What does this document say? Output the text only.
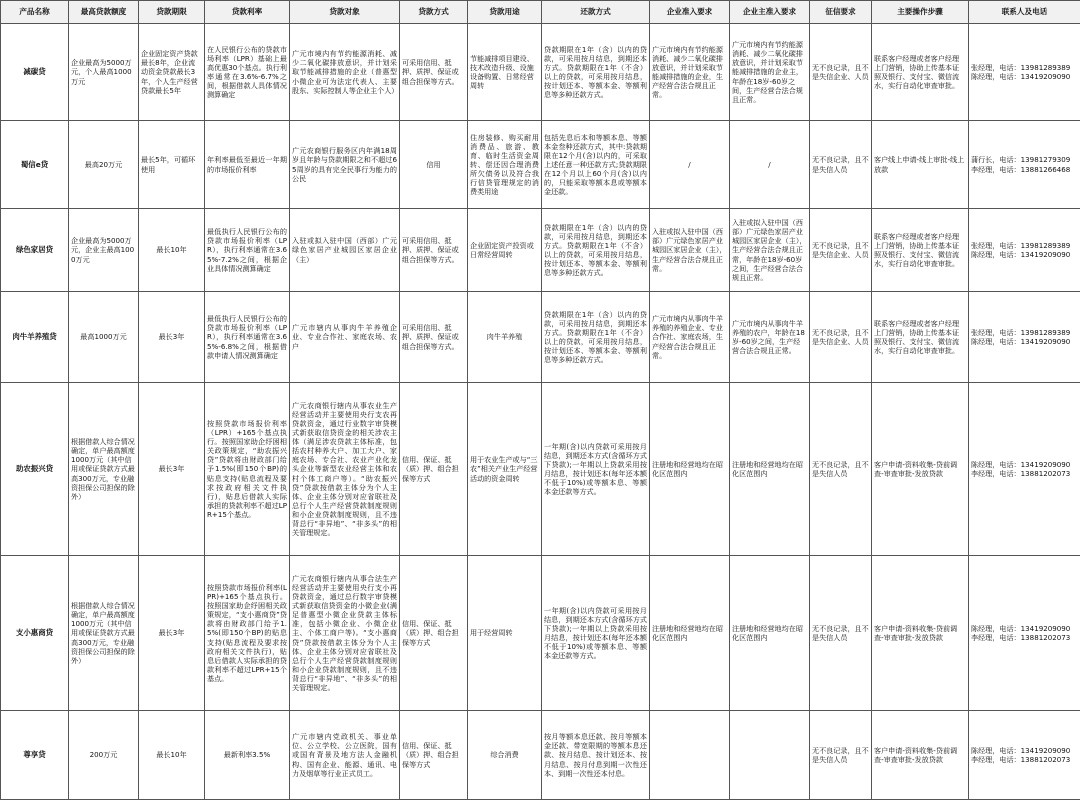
产品名称	最高贷款额度	贷款期限	贷款利率	贷款对象	贷款方式	贷款用途	还款方式	企业准入要求	企业主准入要求	征信要求	主要操作步骤	联系人及电话
减碳贷	企业最高为5000万元，个人最高1000万元	企业固定资产贷款最长8年，企业流动资金贷款最长3年，个人生产经营贷款最长5年	在人民银行公布的贷款市场利率（LPR）基础上最高优惠30个基点。执行利率通常在3.6%-6.7%之间，根据借款人具体情况测算确定	广元市境内有节约能源消耗、减少二氧化碳排放意识，并计划采取节能减排措施的企业（普惠型小微企业可为法定代表人、主要股东、实际控制人等企业主个人）	可采用信用、抵押、质押、保证或组合担保等方式。	节能减排项目建设、技术改造升级、设施设备购置、日常经营周转	贷款期限在1年（含）以内的贷款，可采用按月结息，到期还本方式。贷款期限在1年（不含）以上的贷款，可采用按月结息，按计划还本、等额本金、等额利息等多种还款方式。	广元市境内有节约能源消耗、减少二氧化碳排放意识，并计划采取节能减排措施的企业，生产经营合法合规且正常。	广元市境内有节约能源消耗、减少二氧化碳排放意识，并计划采取节能减排措施的企业主，年龄在18岁-60岁之间，生产经营合法合规且正常。	无不良记录，且不是失信企业、人员	联系客户经理或者客户经理上门营销，协助上传基本证照及银行、支付宝、微信流水，实行自动化审查审批。	张经理，电话：13981289389 陈经理，电话：13419209090
蜀信e贷	最高20万元	最长5年，可循环使用	年利率最低至最近一年期的市场报价利率	广元农商银行服务区内年满18周岁且年龄与贷款期限之和不超过65周岁的具有完全民事行为能力的公民	信用	住房装修、购买耐用消费品、旅游、教育、临时生活资金周转、偿还因合理消费所欠债务以及符合我行信贷管理规定的消费类用途	包括先息后本和等额本息、等额本金叁种还款方式，其中:贷款期限在12个月(含)以内的，可采取上述任意一种还款方式;贷款期限在12个月以上60个月(含)以内的，只能采取等额本息或等额本金还款。	/	/	无不良记录，且不是失信人员	客户线上申请-线上审批-线上放款	蒲行长，电话：13981279309 李经理，电话：13881266468
绿色家居贷	企业最高为5000万元，企业主最高1000万元	最长10年	最低执行人民银行公布的贷款市场报价利率（LPR），执行利率通常在3.65%-7.2%之间，根据企业具体情况测算确定	入驻或拟入驻中国（西部）广元绿色家居产业城园区家居企业（主）	可采用信用、抵押、质押、保证或组合担保等方式。	企业固定资产投资或日常经营周转	贷款期限在1年（含）以内的贷款，可采用按月结息，到期还本方式。贷款期限在1年（不含）以上的贷款，可采用按月结息，按计划还本、等额本金、等额利息等多种还款方式。	入驻或拟入驻中国（西部）广元绿色家居产业城园区家居企业（主），生产经营合法合规且正常。	入驻或拟入驻中国（西部）广元绿色家居产业城园区家居企业（主），生产经营合法合规且正常，年龄在18岁-60岁之间，生产经营合法合规且正常。	无不良记录，且不是失信企业、人员	联系客户经理或者客户经理上门营销，协助上传基本证照及银行、支付宝、微信流水，实行自动化审查审批。	张经理，电话：13981289389 陈经理，电话：13419209090
肉牛羊养殖贷	最高1000万元	最长3年	最低执行人民银行公布的贷款市场报价利率（LPR），执行利率通常在3.65%-6.8%之间，根据借款申请人情况测算确定	广元市辖内从事肉牛羊养殖企业、专业合作社、家庭农场、农户	可采用信用、抵押、质押、保证或组合担保等方式。	肉牛羊养殖	贷款期限在1年（含）以内的贷款，可采用按月结息，到期还本方式。贷款期限在1年（不含）以上的贷款，可采用按月结息，按计划还本、等额本金、等额利息等多种还款方式。	广元市境内从事肉牛羊养殖的养殖企业、专业合作社、家庭农场，生产经营合法合规且正常。	广元市境内从事肉牛羊养殖的农户，年龄在18岁-60岁之间，生产经营合法合规且正常。	无不良记录，且不是失信企业、人员	联系客户经理或者客户经理上门营销，协助上传基本证照及银行、支付宝、微信流水，实行自动化审查审批。	张经理，电话：13981289389 陈经理，电话：13419209090
助农振兴贷	根据借款人综合情况确定，单户最高额度1000万元（其中信用或保证贷款方式最高300万元，专业融资担保公司担保的除外）	最长3年	按照贷款市场报价利率（LPR）+165个基点执行。按照国家助企纾困相关政策规定，“助农振兴贷”贷款将由财政部门给予1.5%(即150个BP)的贴息支持(贴息流程及要求按政府相关文件执行)，贴息后借款人实际承担的贷款利率不超过LPR+15个基点。	广元农商银行辖内从事农业生产经营活动并主要使用央行支农再贷款资金，通过行业数字审贷模式新获取信贷资金的相关涉农主体（满足涉农贷款主体标准，包括农村种养大户、加工大户、家庭农场、专合社、农业产业化龙头企业等新型农业经营主体和农村个体工商户等）。“助农振兴贷”贷款按借款主体分为个人主体、企业主体分别对应省联社及总行个人生产经营贷款制度规则和小企业贷款制度规则，且不违背总行“非异地”、“非多头”的相关管理规定。	信用、保证、抵（质）押、组合担保等方式	用于农业生产或与“三农”相关产业生产经营活动的资金周转	一年期(含)以内贷款可采用按月结息，到期还本方式(含循环方式下贷款);一年期以上贷款采用按月结息，按计划还本(每年还本额不低于10%)或等额本息、等额本金还款等方式。	注册地和经营地均在昭化区范围内	注册地和经营地均在昭化区范围内	无不良记录，且不是失信人员	客户申请-资料收集-贷前调查-审查审批-发放贷款	陈经理，电话：13419209090 李经理，电话：13881202073
支小惠商贷	根据借款人综合情况确定，单户最高额度1000万元（其中信用或保证贷款方式最高300万元，专业融资担保公司担保的除外）	最长3年	按照贷款市场报价利率(LPR)+165个基点执行。按照国家助企纾困相关政策规定，“支小惠商贷”贷款将由财政部门给予1.5%(即150个BP)的贴息支持(贴息流程及要求按政府相关文件执行)，贴息后借款人实际承担的贷款利率不超过LPR+15个基点。	广元农商银行辖内从事合法生产经营活动并主要使用央行支小再贷款资金，通过总行数字审贷模式新获取信贷资金的小微企业(满足普惠型小微企业贷款主体标准，包括小微企业、小微企业主、个体工商户等)。“支小惠商贷”贷款按借款主体分为个人主体、企业主体分别对应省联社及总行个人生产经营贷款制度规则和小企业贷款制度规则，且不违背总行“非异地”、“非多头”的相关管理规定。	信用、保证、抵（质）押、组合担保等方式	用于经营周转	一年期(含)以内贷款可采用按月结息，到期还本方式(含循环方式下贷款);一年期以上贷款采用按月结息，按计划还本(每年还本额不低于10%)或等额本息、等额本金还款等方式。	注册地和经营地均在昭化区范围内	注册地和经营地均在昭化区范围内	无不良记录，且不是失信人员	客户申请-资料收集-贷前调查-审查审批-发放贷款	陈经理，电话：13419209090 李经理，电话：13881202073
尊享贷	200万元	最长10年	最新利率3.5%	广元市辖内党政机关、事业单位、公立学校、公立医院，国有或国有背景及地方法人金融机构、国有企业、能源、通讯、电力及烟草等行业正式员工。	信用、保证、抵（质）押、组合担保等方式	综合消费	按月等额本息还款、按月等额本金还款、带宽限期的等额本息还款、按月结息、按计划还本、按月结息、按月付息到期一次性还本、到期一次性还本付息。			无不良记录，且不是失信人员	客户申请-资料收集-贷前调查-审查审批-发放贷款	陈经理，电话：13419209090 李经理，电话：13881202073
